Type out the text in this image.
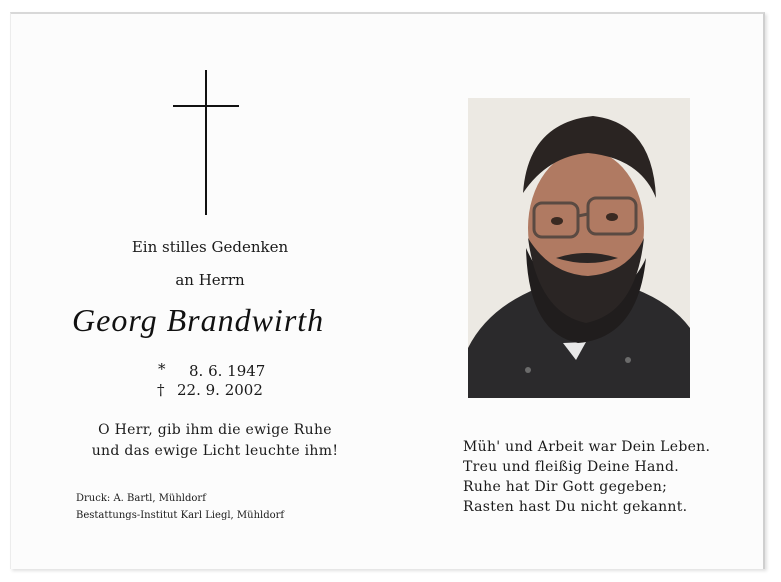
Ein stilles Gedenken
an Herrn
Georg Brandwirth
* 8. 6. 1947
† 22. 9. 2002
O Herr, gib ihm die ewige Ruhe
und das ewige Licht leuchte ihm!
Druck: A. Bartl, Mühldorf
Bestattungs-Institut Karl Liegl, Mühldorf
Müh' und Arbeit war Dein Leben.
Treu und fleißig Deine Hand.
Ruhe hat Dir Gott gegeben;
Rasten hast Du nicht gekannt.
